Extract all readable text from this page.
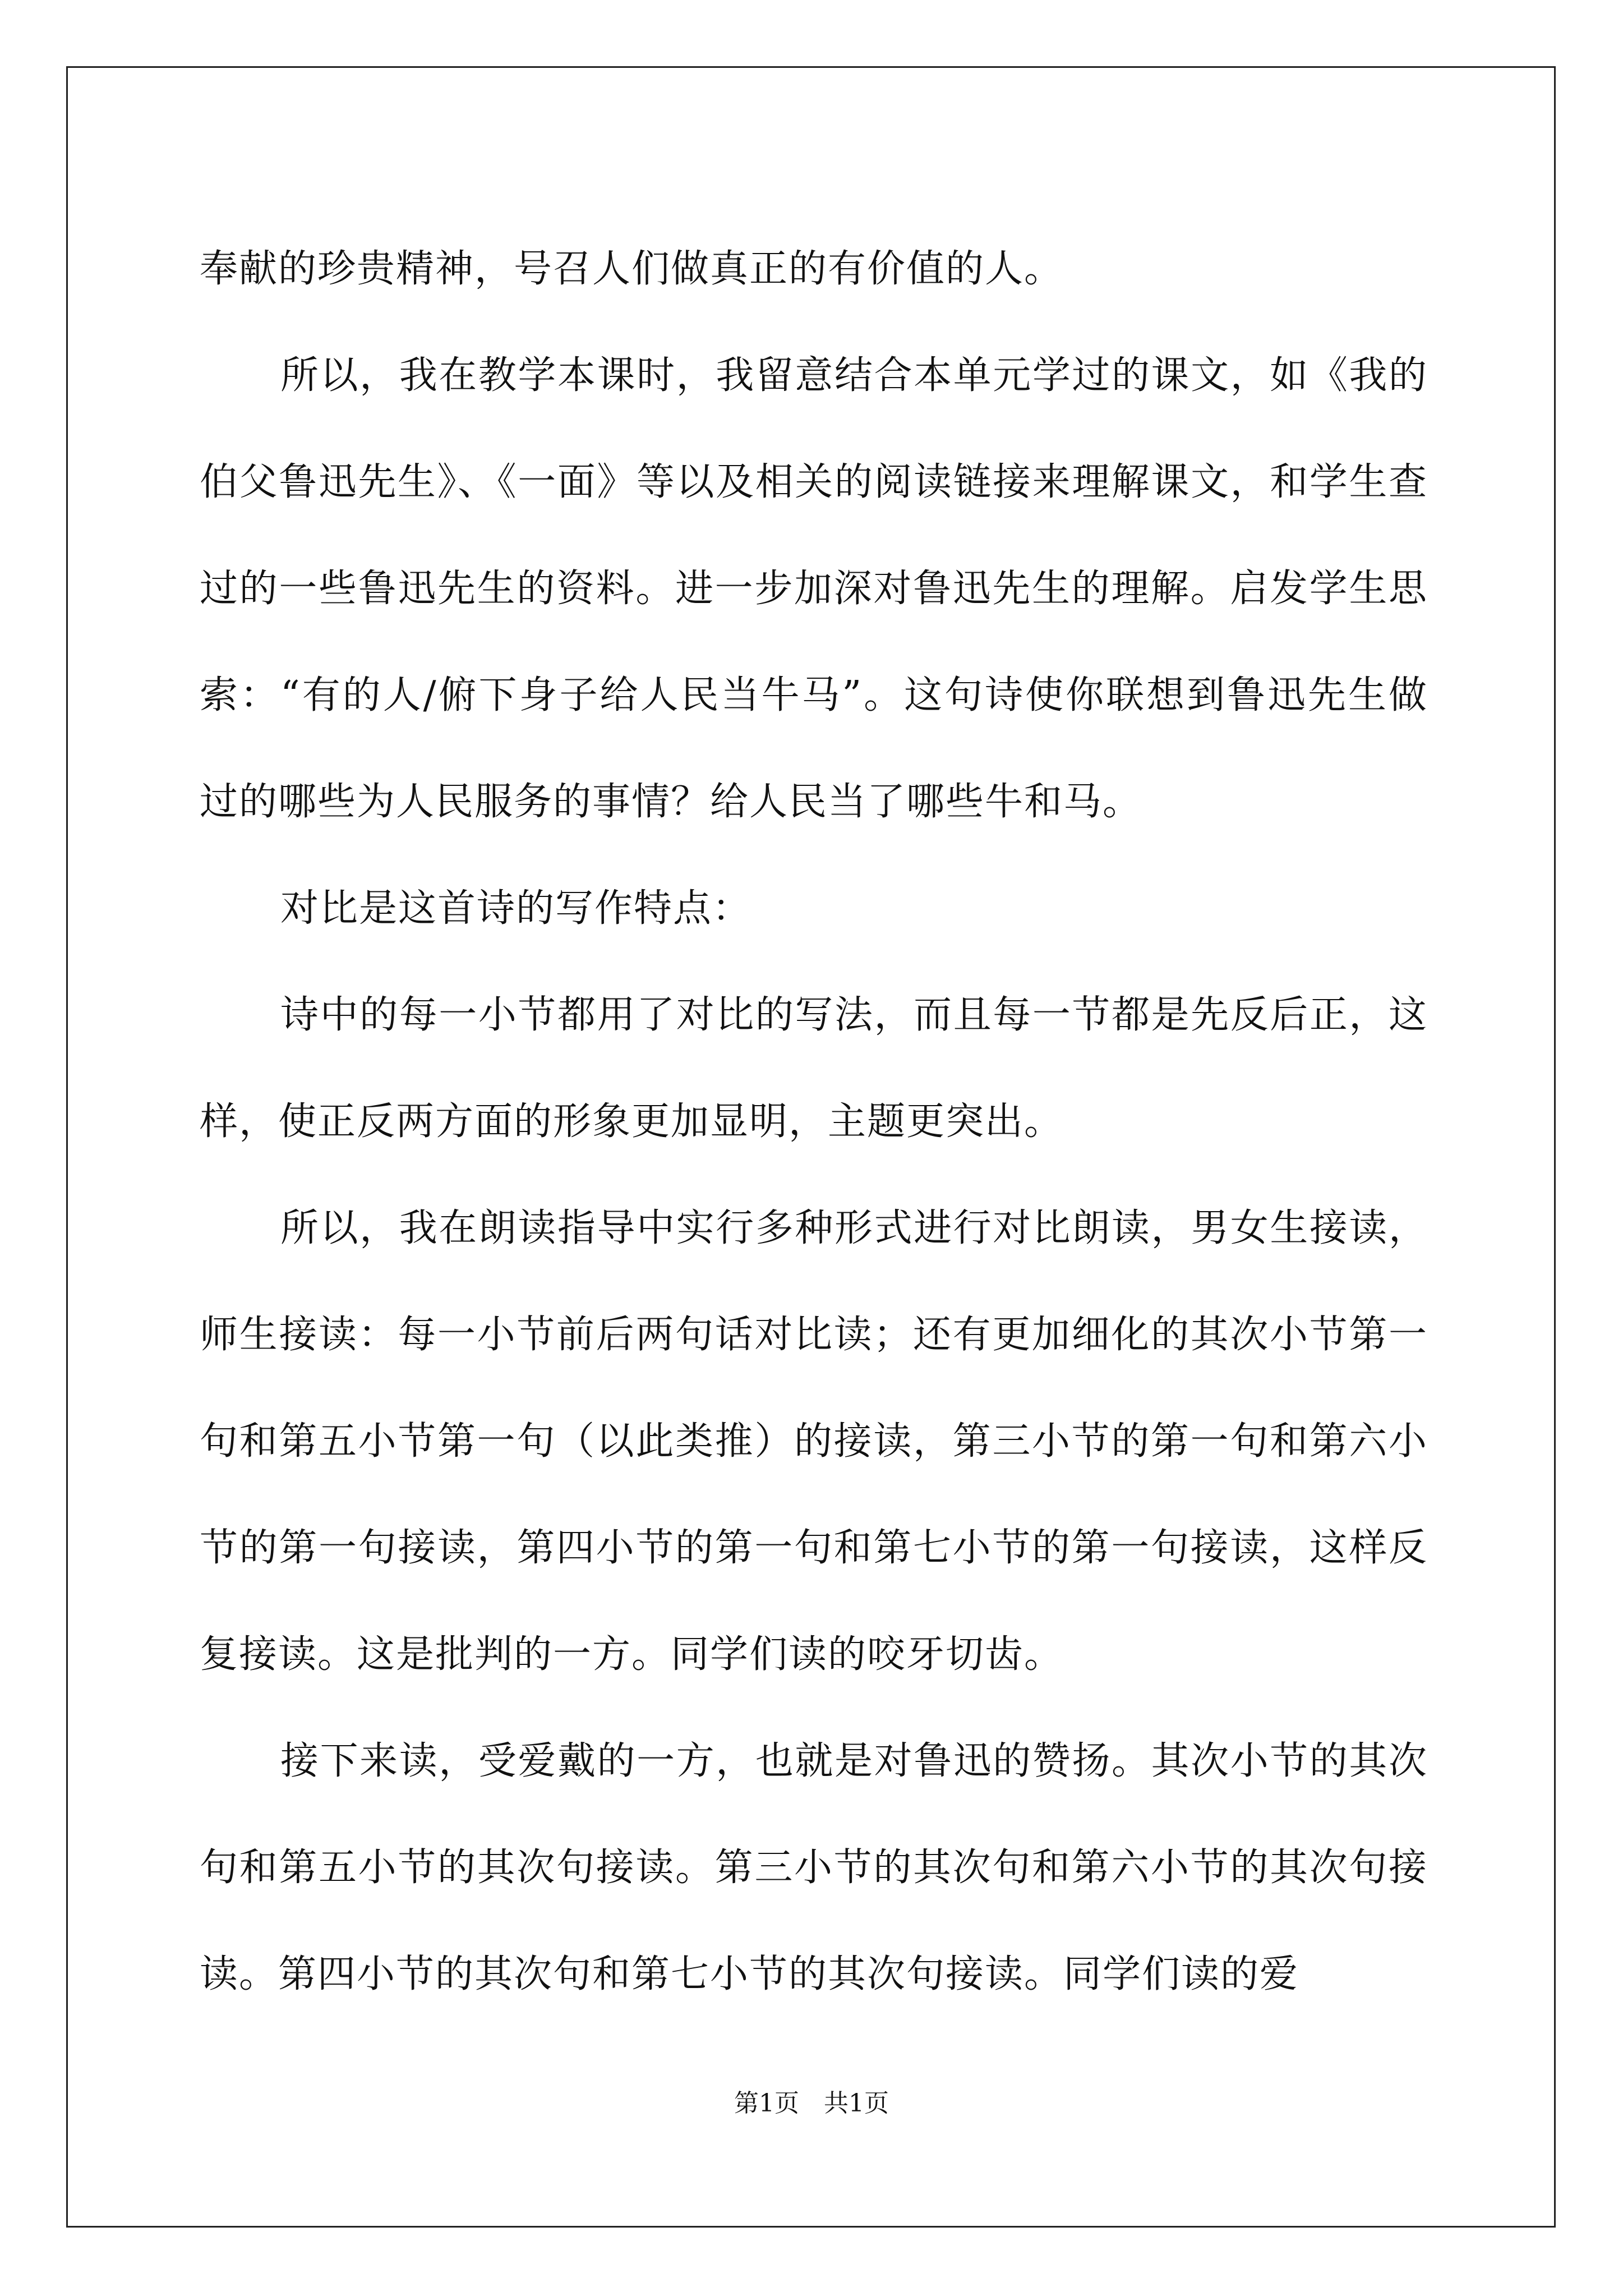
奉献的珍贵精神，号召人们做真正的有价值的人。

所以，我在教学本课时，我留意结合本单元学过的课文，如《我的伯父鲁迅先生》、《一面》等以及相关的阅读链接来理解课文，和学生查过的一些鲁迅先生的资料。进一步加深对鲁迅先生的理解。启发学生思索：“有的人/俯下身子给人民当牛马”。这句诗使你联想到鲁迅先生做过的哪些为人民服务的事情？给人民当了哪些牛和马。

对比是这首诗的写作特点：

诗中的每一小节都用了对比的写法，而且每一节都是先反后正，这样，使正反两方面的形象更加显明，主题更突出。

所以，我在朗读指导中实行多种形式进行对比朗读，男女生接读，师生接读：每一小节前后两句话对比读；还有更加细化的其次小节第一句和第五小节第一句（以此类推）的接读，第三小节的第一句和第六小节的第一句接读，第四小节的第一句和第七小节的第一句接读，这样反复接读。这是批判的一方。同学们读的咬牙切齿。

接下来读，受爱戴的一方，也就是对鲁迅的赞扬。其次小节的其次句和第五小节的其次句接读。第三小节的其次句和第六小节的其次句接读。第四小节的其次句和第七小节的其次句接读。同学们读的爱

第1页　共1页
